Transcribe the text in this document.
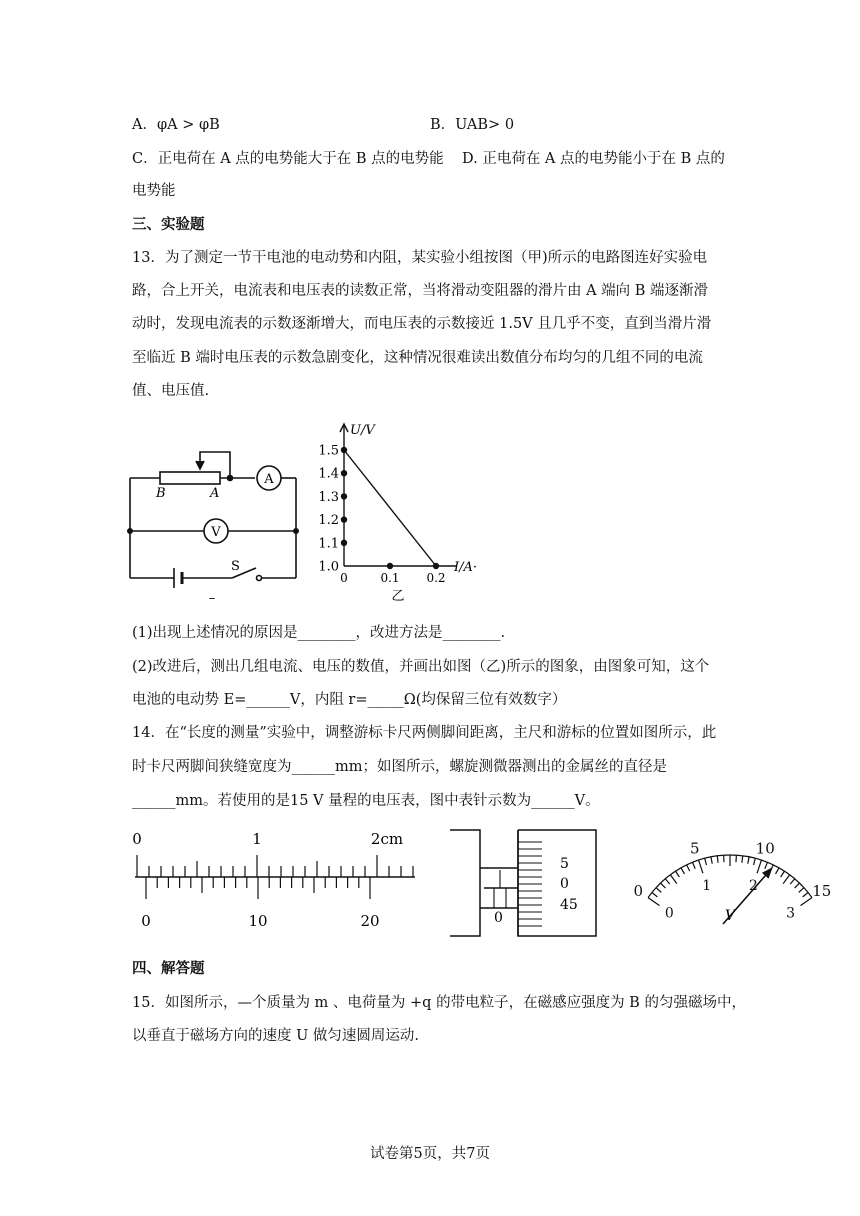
A．φA > φB	B．UAB> 0
C．正电荷在 A 点的电势能大于在 B 点的电势能 D. 正电荷在 A 点的电势能小于在 B 点的
电势能
三、实验题
13．为了测定一节干电池的电动势和内阻，某实验小组按图（甲)所示的电路图连好实验电
路，合上开关，电流表和电压表的读数正常，当将滑动变阻器的滑片由 A 端向 B 端逐渐滑
动时，发现电流表的示数逐渐增大，而电压表的示数接近 1.5V 且几乎不变，直到当滑片滑
至临近 B 端时电压表的示数急剧变化，这种情况很难读出数值分布均匀的几组不同的电流
值、电压值.
B	A
A
V
S
–
U/V
I/A·
乙
1.0
1.1
1.2
1.3
1.4
1.5
0	0.1 0.2
(1)出现上述情况的原因是________，改进方法是________.
(2)改进后，测出几组电流、电压的数值，并画出如图（乙)所示的图象，由图象可知，这个
电池的电动势 E=______V，内阻 r=_____Ω(均保留三位有效数字）
14．在“长度的测量”实验中，调整游标卡尺两侧脚间距离，主尺和游标的位置如图所示，此
时卡尺两脚间狭缝宽度为______mm；如图所示，螺旋测微器测出的金属丝的直径是
______mm。若使用的是15 V 量程的电压表，图中表针示数为______V。
0	1	2cm
0	10	20	0
5
0
45
0
5	10
15
0
1	2
3
V
四、解答题
15．如图所示，—个质量为 m 、电荷量为 +q 的带电粒子，在磁感应强度为 B 的匀强磁场中，
以垂直于磁场方向的速度 U 做匀速圆周运动.
试卷第5页，共7页
